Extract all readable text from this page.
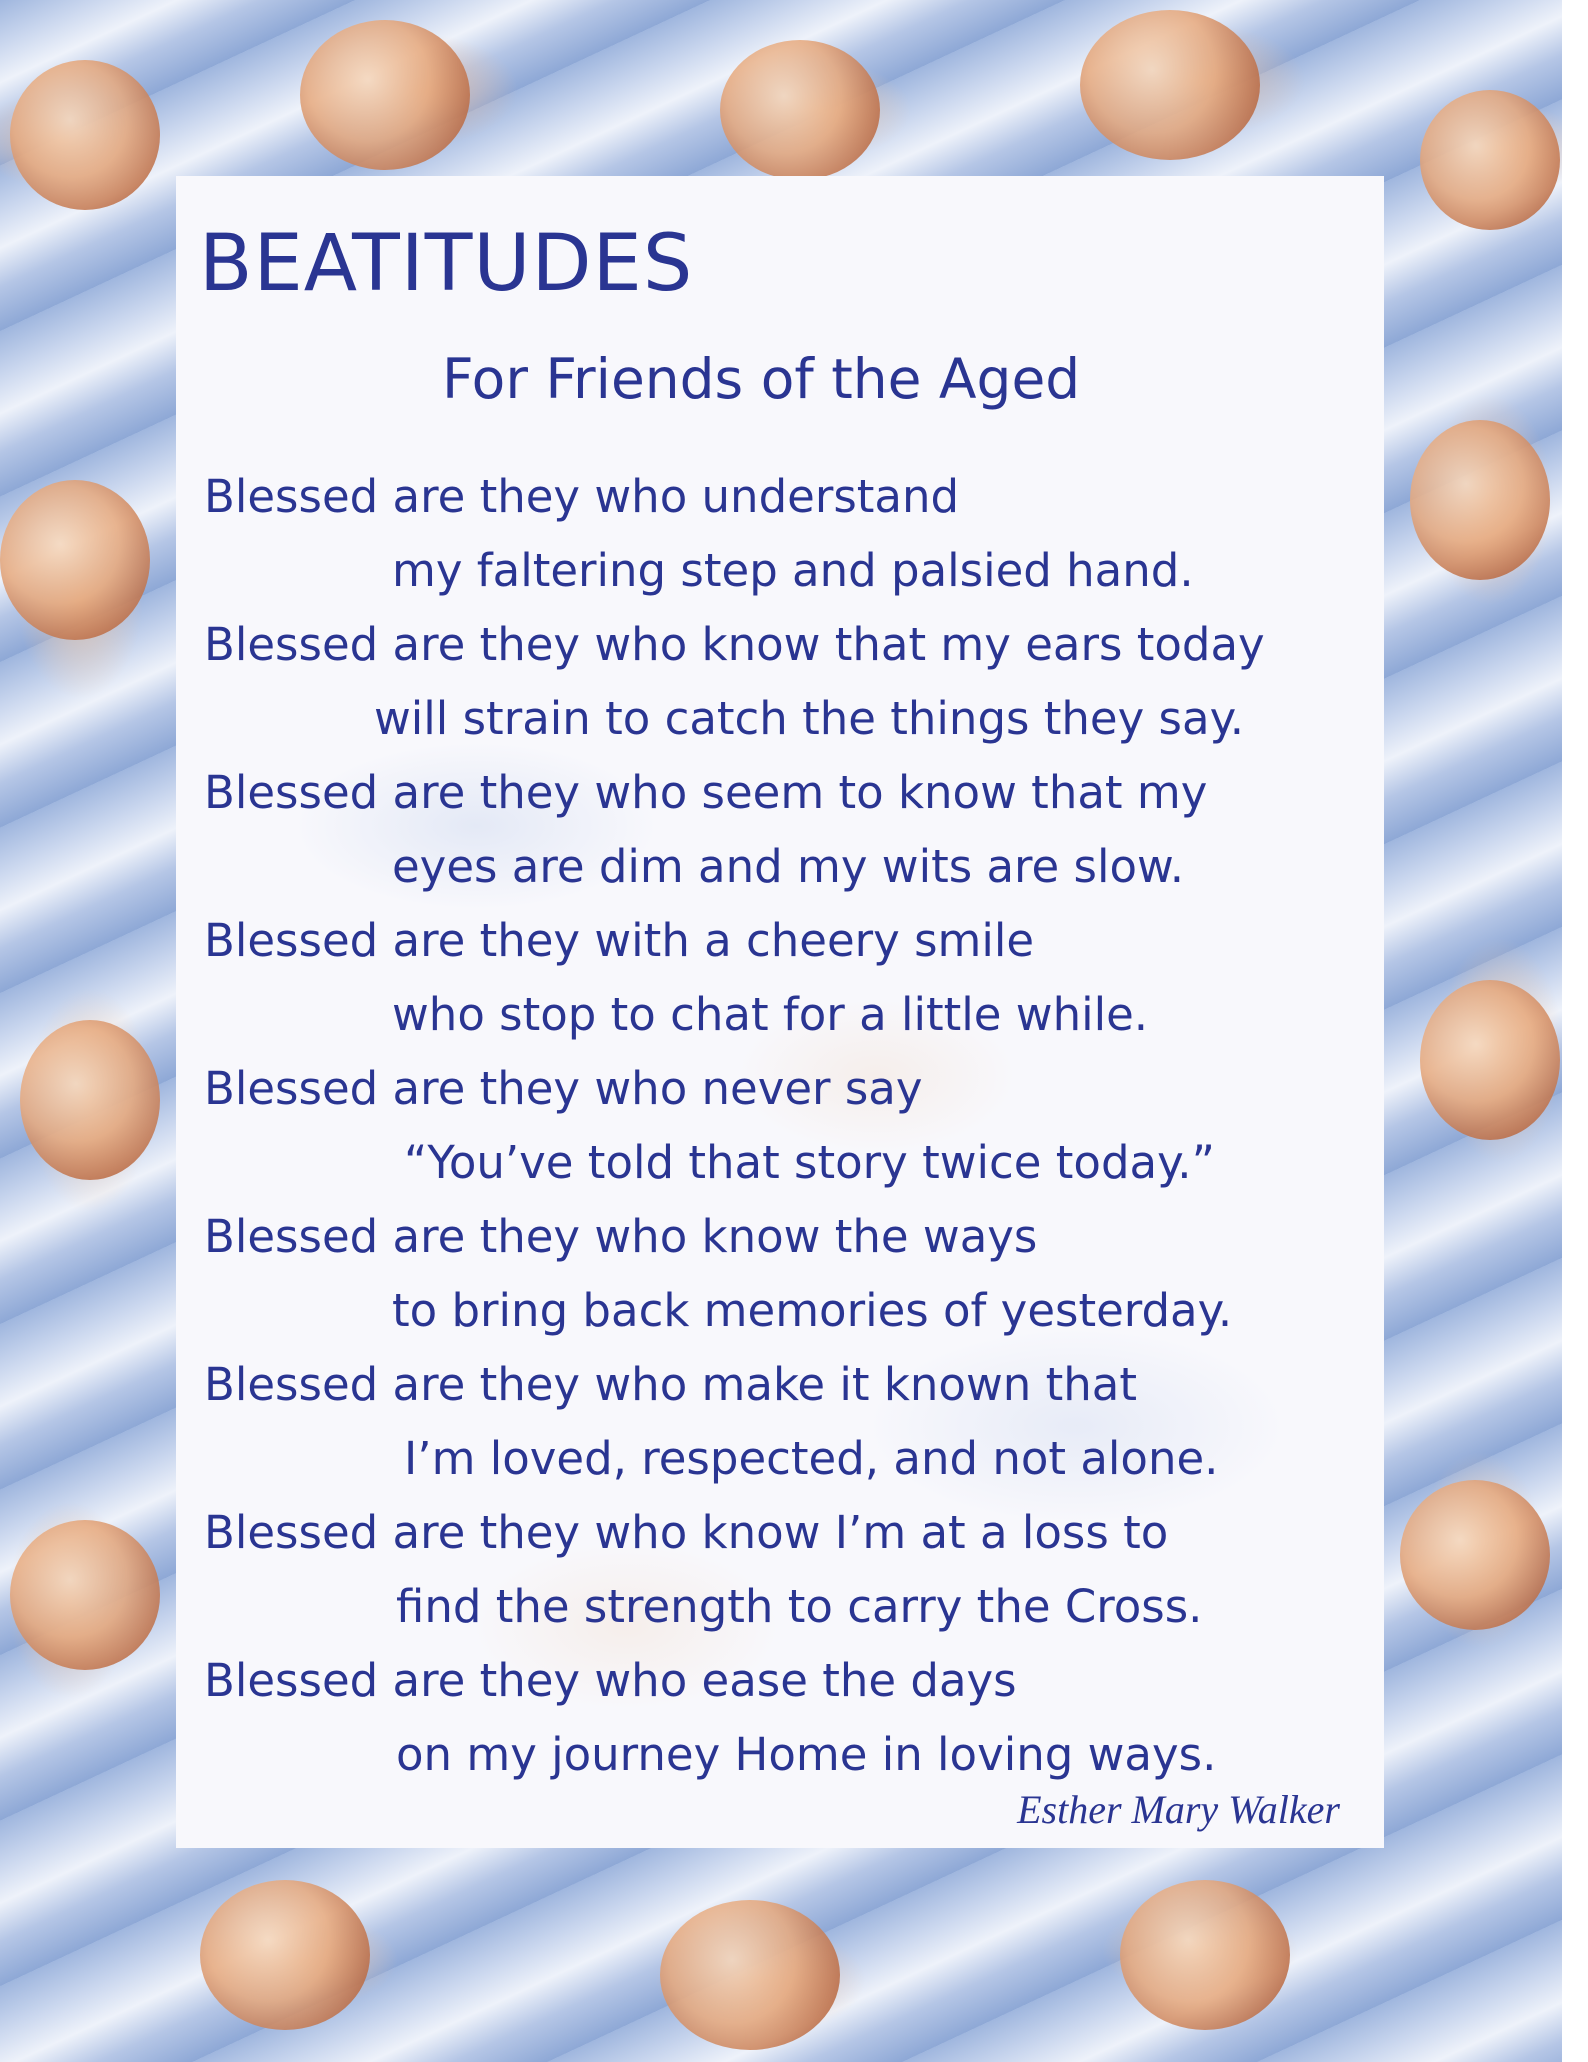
BEATITUDES
For Friends of the Aged
Blessed are they who understand
my faltering step and palsied hand.
Blessed are they who know that my ears today
will strain to catch the things they say.
Blessed are they who seem to know that my
eyes are dim and my wits are slow.
Blessed are they with a cheery smile
who stop to chat for a little while.
Blessed are they who never say
“You’ve told that story twice today.”
Blessed are they who know the ways
to bring back memories of yesterday.
Blessed are they who make it known that
I’m loved, respected, and not alone.
Blessed are they who know I’m at a loss to
find the strength to carry the Cross.
Blessed are they who ease the days
on my journey Home in loving ways.
Esther Mary Walker
